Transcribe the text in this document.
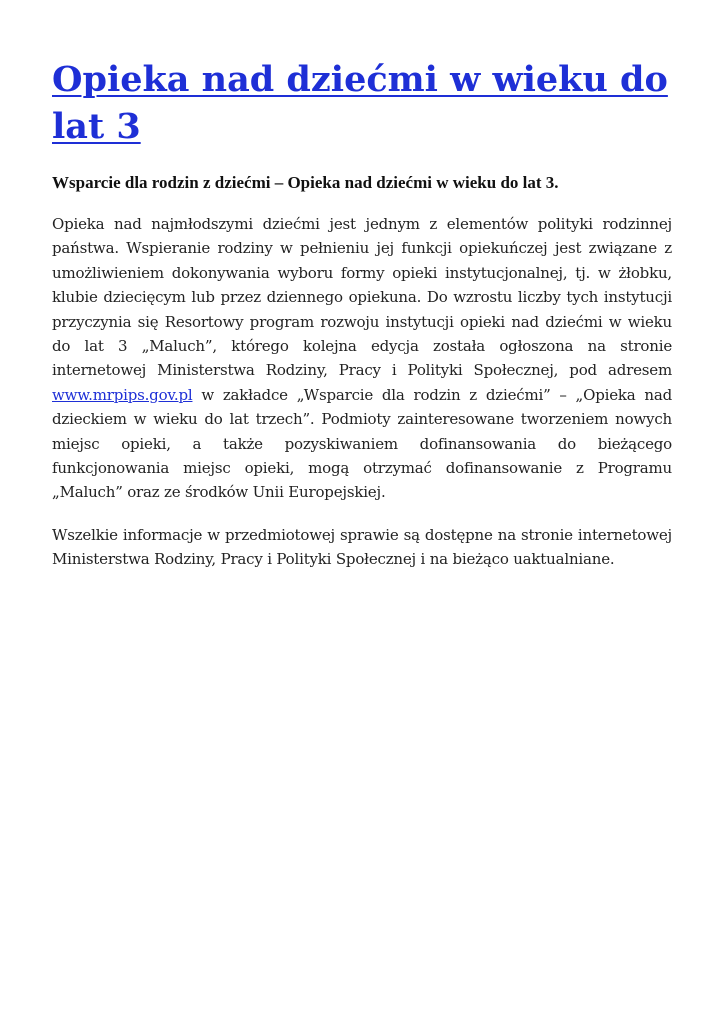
Opieka nad dziećmi w wieku do lat 3

Wsparcie dla rodzin z dziećmi – Opieka nad dziećmi w wieku do lat 3.

Opieka nad najmłodszymi dziećmi jest jednym z elementów polityki rodzinnej państwa. Wspieranie rodziny w pełnieniu jej funkcji opiekuńczej jest związane z umożliwieniem dokonywania wyboru formy opieki instytucjonalnej, tj. w żłobku, klubie dziecięcym lub przez dziennego opiekuna. Do wzrostu liczby tych instytucji przyczynia się Resortowy program rozwoju instytucji opieki nad dziećmi w wieku do lat 3 „Maluch”, którego kolejna edycja została ogłoszona na stronie internetowej Ministerstwa Rodziny, Pracy i Polityki Społecznej, pod adresem www.mrpips.gov.pl w zakładce „Wsparcie dla rodzin z dziećmi” – „Opieka nad dzieckiem w wieku do lat trzech”. Podmioty zainteresowane tworzeniem nowych miejsc opieki, a także pozyskiwaniem dofinansowania do bieżącego funkcjonowania miejsc opieki, mogą otrzymać dofinansowanie z Programu „Maluch” oraz ze środków Unii Europejskiej.

Wszelkie informacje w przedmiotowej sprawie są dostępne na stronie internetowej Ministerstwa Rodziny, Pracy i Polityki Społecznej i na bieżąco uaktualniane.
